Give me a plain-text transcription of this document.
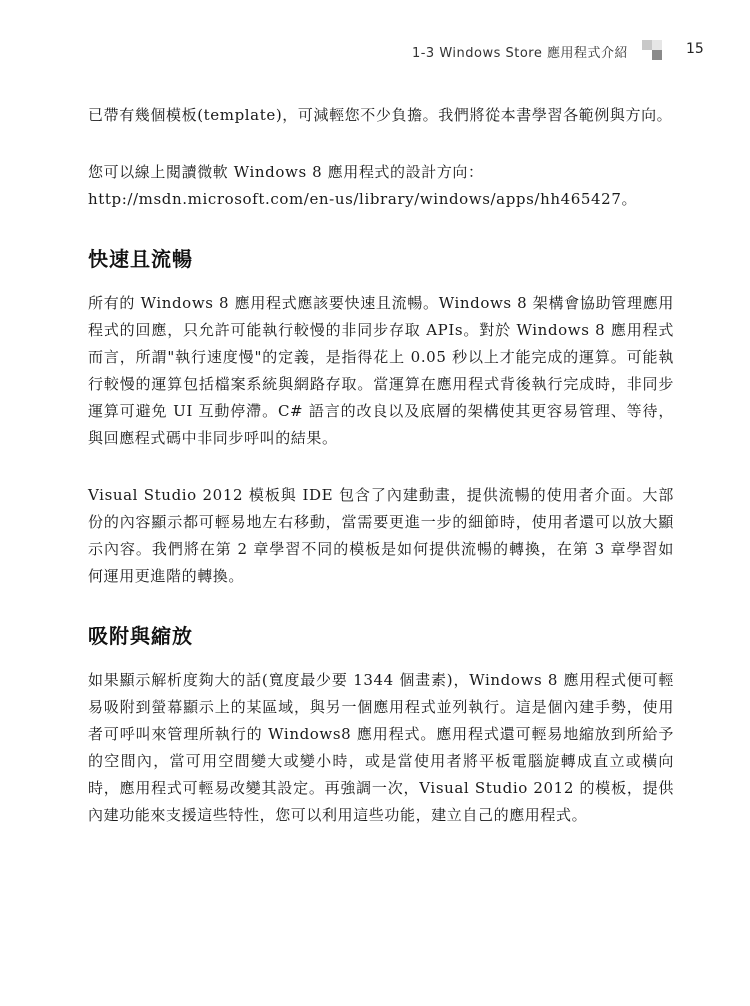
1-3 Windows Store 應用程式介紹	15

已帶有幾個模板(template)，可減輕您不少負擔。我們將從本書學習各範例與方向。

您可以線上閱讀微軟 Windows 8 應用程式的設計方向：

http://msdn.microsoft.com/en-us/library/windows/apps/hh465427。

快速且流暢

所有的 Windows 8 應用程式應該要快速且流暢。Windows 8 架構會協助管理應用程式的回應，只允許可能執行較慢的非同步存取 APIs。對於 Windows 8 應用程式而言，所謂"執行速度慢"的定義，是指得花上 0.05 秒以上才能完成的運算。可能執行較慢的運算包括檔案系統與網路存取。當運算在應用程式背後執行完成時，非同步運算可避免 UI 互動停滯。C# 語言的改良以及底層的架構使其更容易管理、等待，與回應程式碼中非同步呼叫的結果。

Visual Studio 2012 模板與 IDE 包含了內建動畫，提供流暢的使用者介面。大部份的內容顯示都可輕易地左右移動，當需要更進一步的細節時，使用者還可以放大顯示內容。我們將在第 2 章學習不同的模板是如何提供流暢的轉換，在第 3 章學習如何運用更進階的轉換。

吸附與縮放

如果顯示解析度夠大的話(寬度最少要 1344 個畫素)，Windows 8 應用程式便可輕易吸附到螢幕顯示上的某區域，與另一個應用程式並列執行。這是個內建手勢，使用者可呼叫來管理所執行的 Windows8 應用程式。應用程式還可輕易地縮放到所給予的空間內，當可用空間變大或變小時，或是當使用者將平板電腦旋轉成直立或橫向時，應用程式可輕易改變其設定。再強調一次，Visual Studio 2012 的模板，提供內建功能來支援這些特性，您可以利用這些功能，建立自己的應用程式。
